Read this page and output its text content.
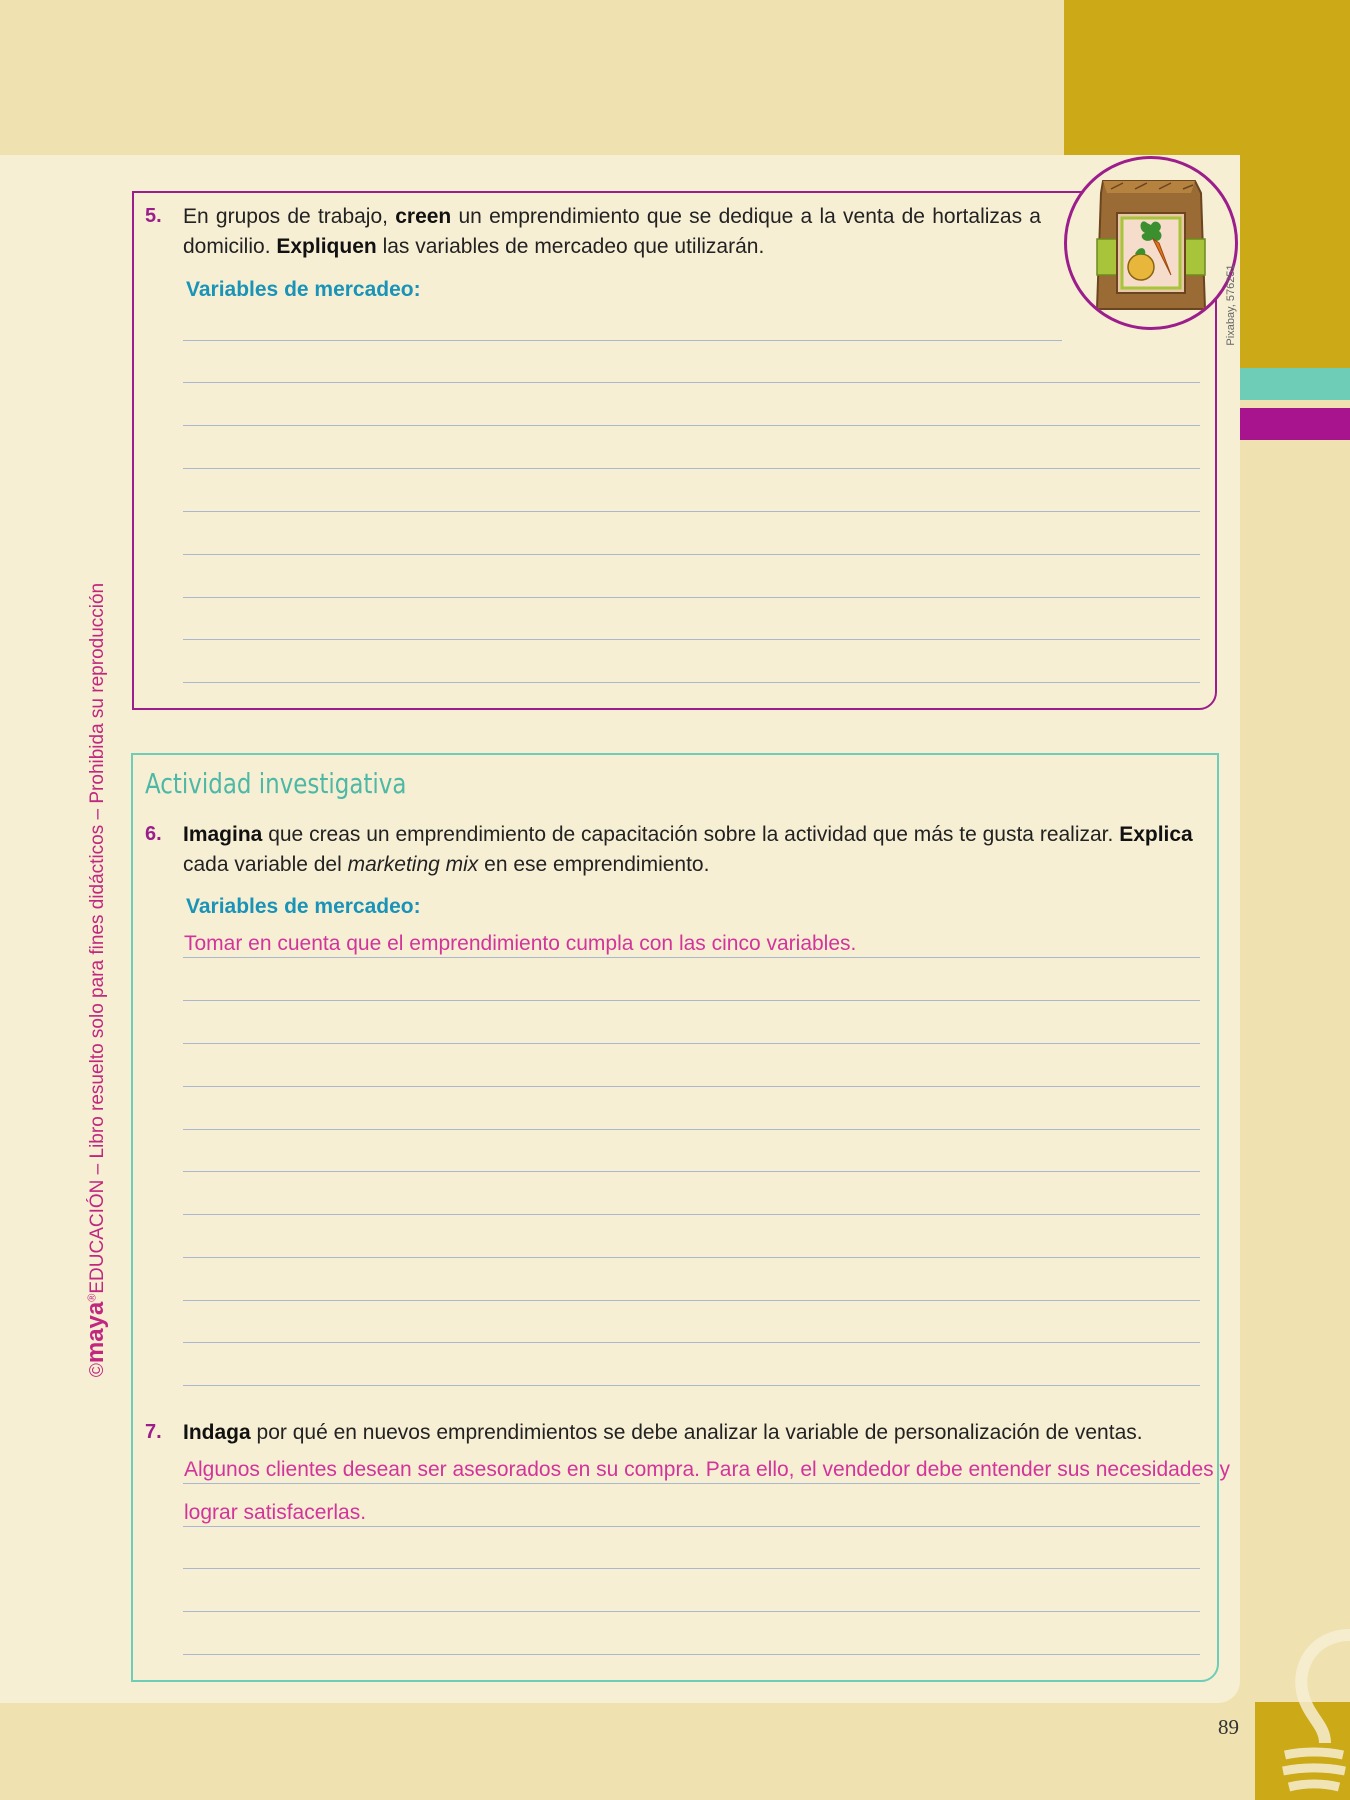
©maya®EDUCACIÓN – Libro resuelto solo para fines didácticos – Prohibida su reproducción
5. En grupos de trabajo, creen un emprendimiento que se dedique a la venta de hortalizas a domicilio. Expliquen las variables de mercadeo que utilizarán.
Variables de mercadeo:	Pixabay, 576251
Actividad investigativa
6. Imagina que creas un emprendimiento de capacitación sobre la actividad que más te gusta realizar. Explica cada variable del marketing mix en ese emprendimiento.
Variables de mercadeo:
Tomar en cuenta que el emprendimiento cumpla con las cinco variables.
7. Indaga por qué en nuevos emprendimientos se debe analizar la variable de personalización de ventas.
Algunos clientes desean ser asesorados en su compra. Para ello, el vendedor debe entender sus necesidades y
lograr satisfacerlas.
89
